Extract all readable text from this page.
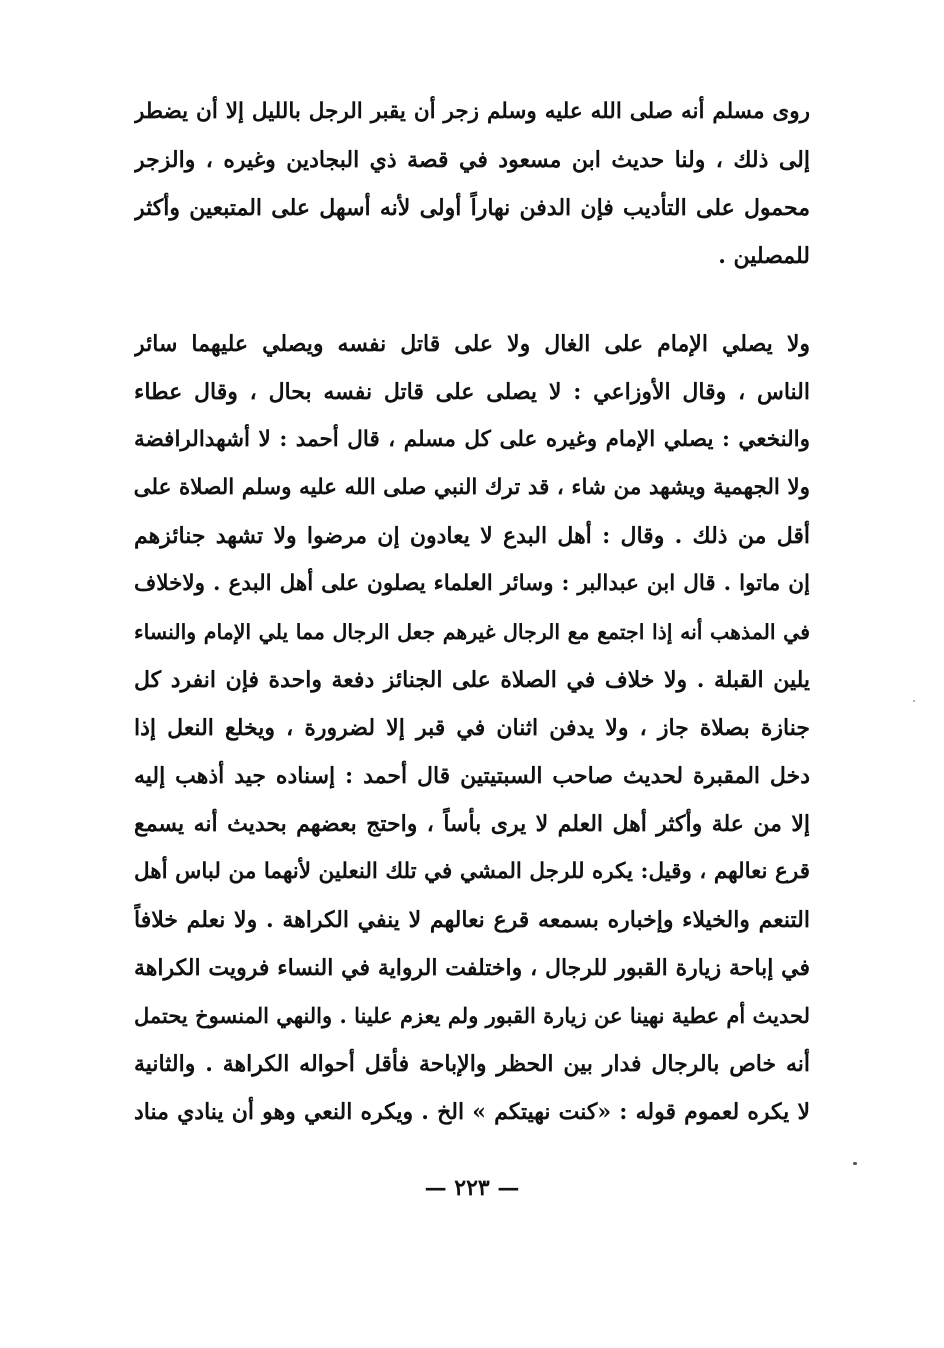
روى مسلم أنه صلى الله عليه وسلم زجر أن يقبر الرجل بالليل إلا أن يضطر
إلى ذلك ، ولنا حديث ابن مسعود في قصة ذي البجادين وغيره ، والزجر
محمول على التأديب فإن الدفن نهاراً أولى لأنه أسهل على المتبعين وأكثر
للمصلين .
ولا يصلي الإمام على الغال ولا على قاتل نفسه ويصلي عليهما سائر
الناس ، وقال الأوزاعي : لا يصلى على قاتل نفسه بحال ، وقال عطاء
والنخعي : يصلي الإمام وغيره على كل مسلم ، قال أحمد : لا أشهدالرافضة
ولا الجهمية ويشهد من شاء ، قد ترك النبي صلى الله عليه وسلم الصلاة على
أقل من ذلك . وقال : أهل البدع لا يعادون إن مرضوا ولا تشهد جنائزهم
إن ماتوا . قال ابن عبدالبر : وسائر العلماء يصلون على أهل البدع . ولاخلاف
في المذهب أنه إذا اجتمع مع الرجال غيرهم جعل الرجال مما يلي الإمام والنساء
يلين القبلة . ولا خلاف في الصلاة على الجنائز دفعة واحدة فإن انفرد كل
جنازة بصلاة جاز ، ولا يدفن اثنان في قبر إلا لضرورة ، ويخلع النعل إذا
دخل المقبرة لحديث صاحب السبتيتين قال أحمد : إسناده جيد أذهب إليه
إلا من علة وأكثر أهل العلم لا يرى بأساً ، واحتج بعضهم بحديث أنه يسمع
قرع نعالهم ، وقيل: يكره للرجل المشي في تلك النعلين لأنهما من لباس أهل
التنعم والخيلاء وإخباره بسمعه قرع نعالهم لا ينفي الكراهة . ولا نعلم خلافاً
في إباحة زيارة القبور للرجال ، واختلفت الرواية في النساء فرويت الكراهة
لحديث أم عطية نهينا عن زيارة القبور ولم يعزم علينا . والنهي المنسوخ يحتمل
أنه خاص بالرجال فدار بين الحظر والإباحة فأقل أحواله الكراهة . والثانية
لا يكره لعموم قوله : «كنت نهيتكم » الخ . ويكره النعي وهو أن ينادي مناد
— ٢٢٣ —
